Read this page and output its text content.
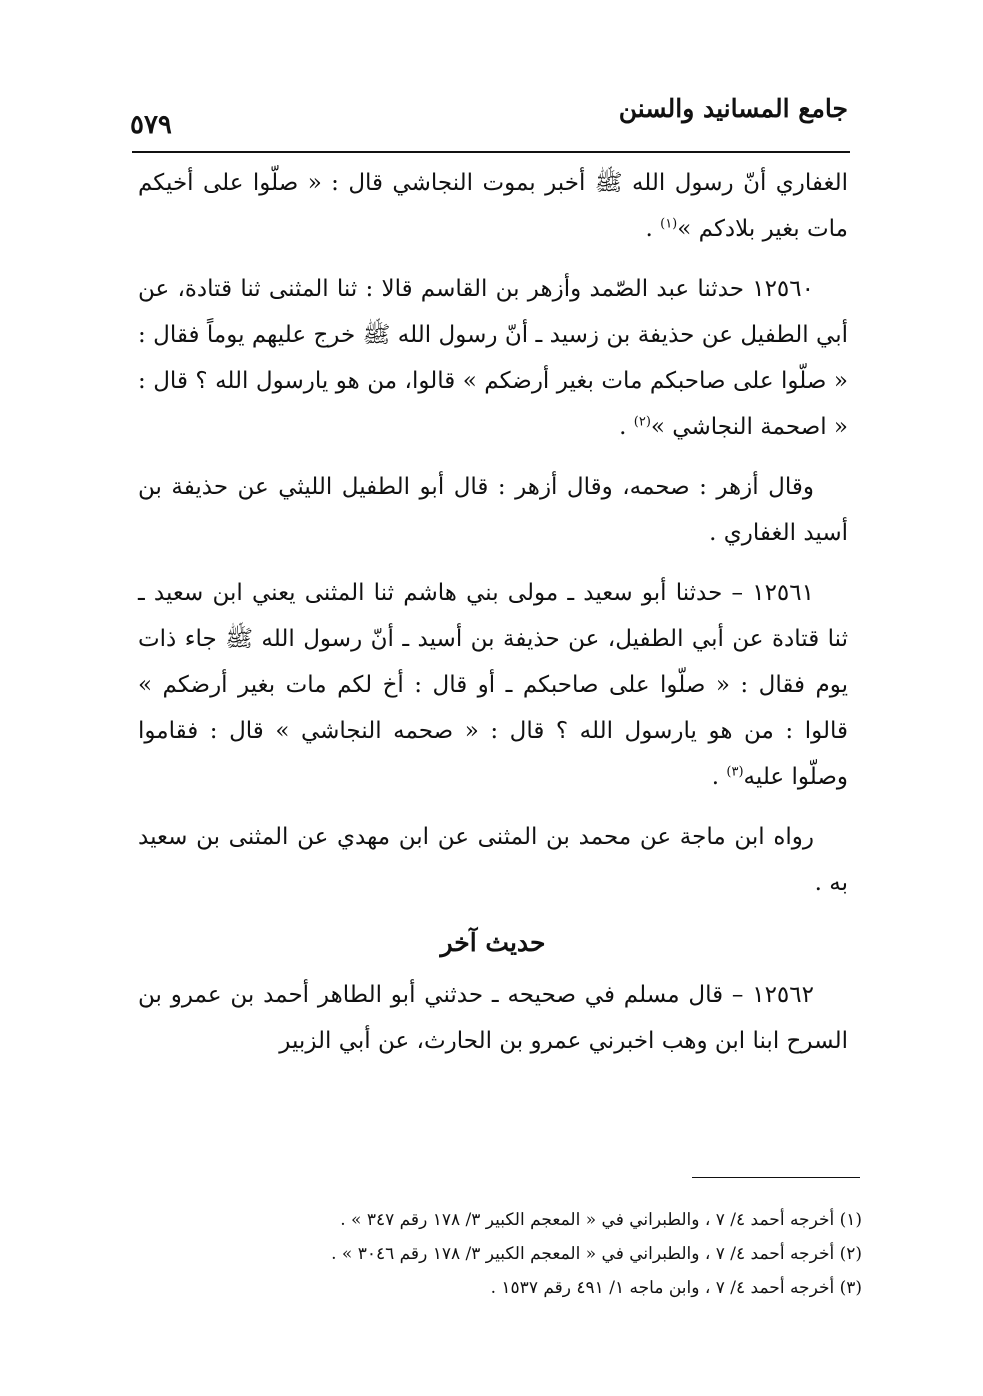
جامع المسانيد والسنن
٥٧٩

الغفاري أنّ رسول الله ﷺ أخبر بموت النجاشي قال : « صلّوا على أخيكم مات بغير بلادكم »$^{(١)}$ .

١٢٥٦٠ حدثنا عبد الصّمد وأزهر بن القاسم قالا : ثنا المثنى ثنا قتادة، عن أبي الطفيل عن حذيفة بن زسيد ـ أنّ رسول الله ﷺ خرج عليهم يوماً فقال : « صلّوا على صاحبكم مات بغير أرضكم » قالوا، من هو يارسول الله ؟ قال : « اصحمة النجاشي »$^{(٢)}$ .

وقال أزهر : صحمه، وقال أزهر : قال أبو الطفيل الليثي عن حذيفة بن أسيد الغفاري .

١٢٥٦١ – حدثنا أبو سعيد ـ مولى بني هاشم ثنا المثنى يعني ابن سعيد ـ ثنا قتادة عن أبي الطفيل، عن حذيفة بن أسيد ـ أنّ رسول الله ﷺ جاء ذات يوم فقال : « صلّوا على صاحبكم ـ أو قال : أخ لكم مات بغير أرضكم » قالوا : من هو يارسول الله ؟ قال : « صحمه النجاشي » قال : فقاموا وصلّوا عليه$^{(٣)}$ .

رواه ابن ماجة عن محمد بن المثنى عن ابن مهدي عن المثنى بن سعيد به .

حديث آخر

١٢٥٦٢ – قال مسلم في صحيحه ـ حدثني أبو الطاهر أحمد بن عمرو بن السرح ابنا ابن وهب اخبرني عمرو بن الحارث، عن أبي الزبير

(١) أخرجه أحمد ٤/ ٧ ، والطبراني في « المعجم الكبير ٣/ ١٧٨ رقم ٣٤٧ » .

(٢) أخرجه أحمد ٤/ ٧ ، والطبراني في « المعجم الكبير ٣/ ١٧٨ رقم ٣٠٤٦ » .

(٣) أخرجه أحمد ٤/ ٧ ، وابن ماجه ١/ ٤٩١ رقم ١٥٣٧ .
